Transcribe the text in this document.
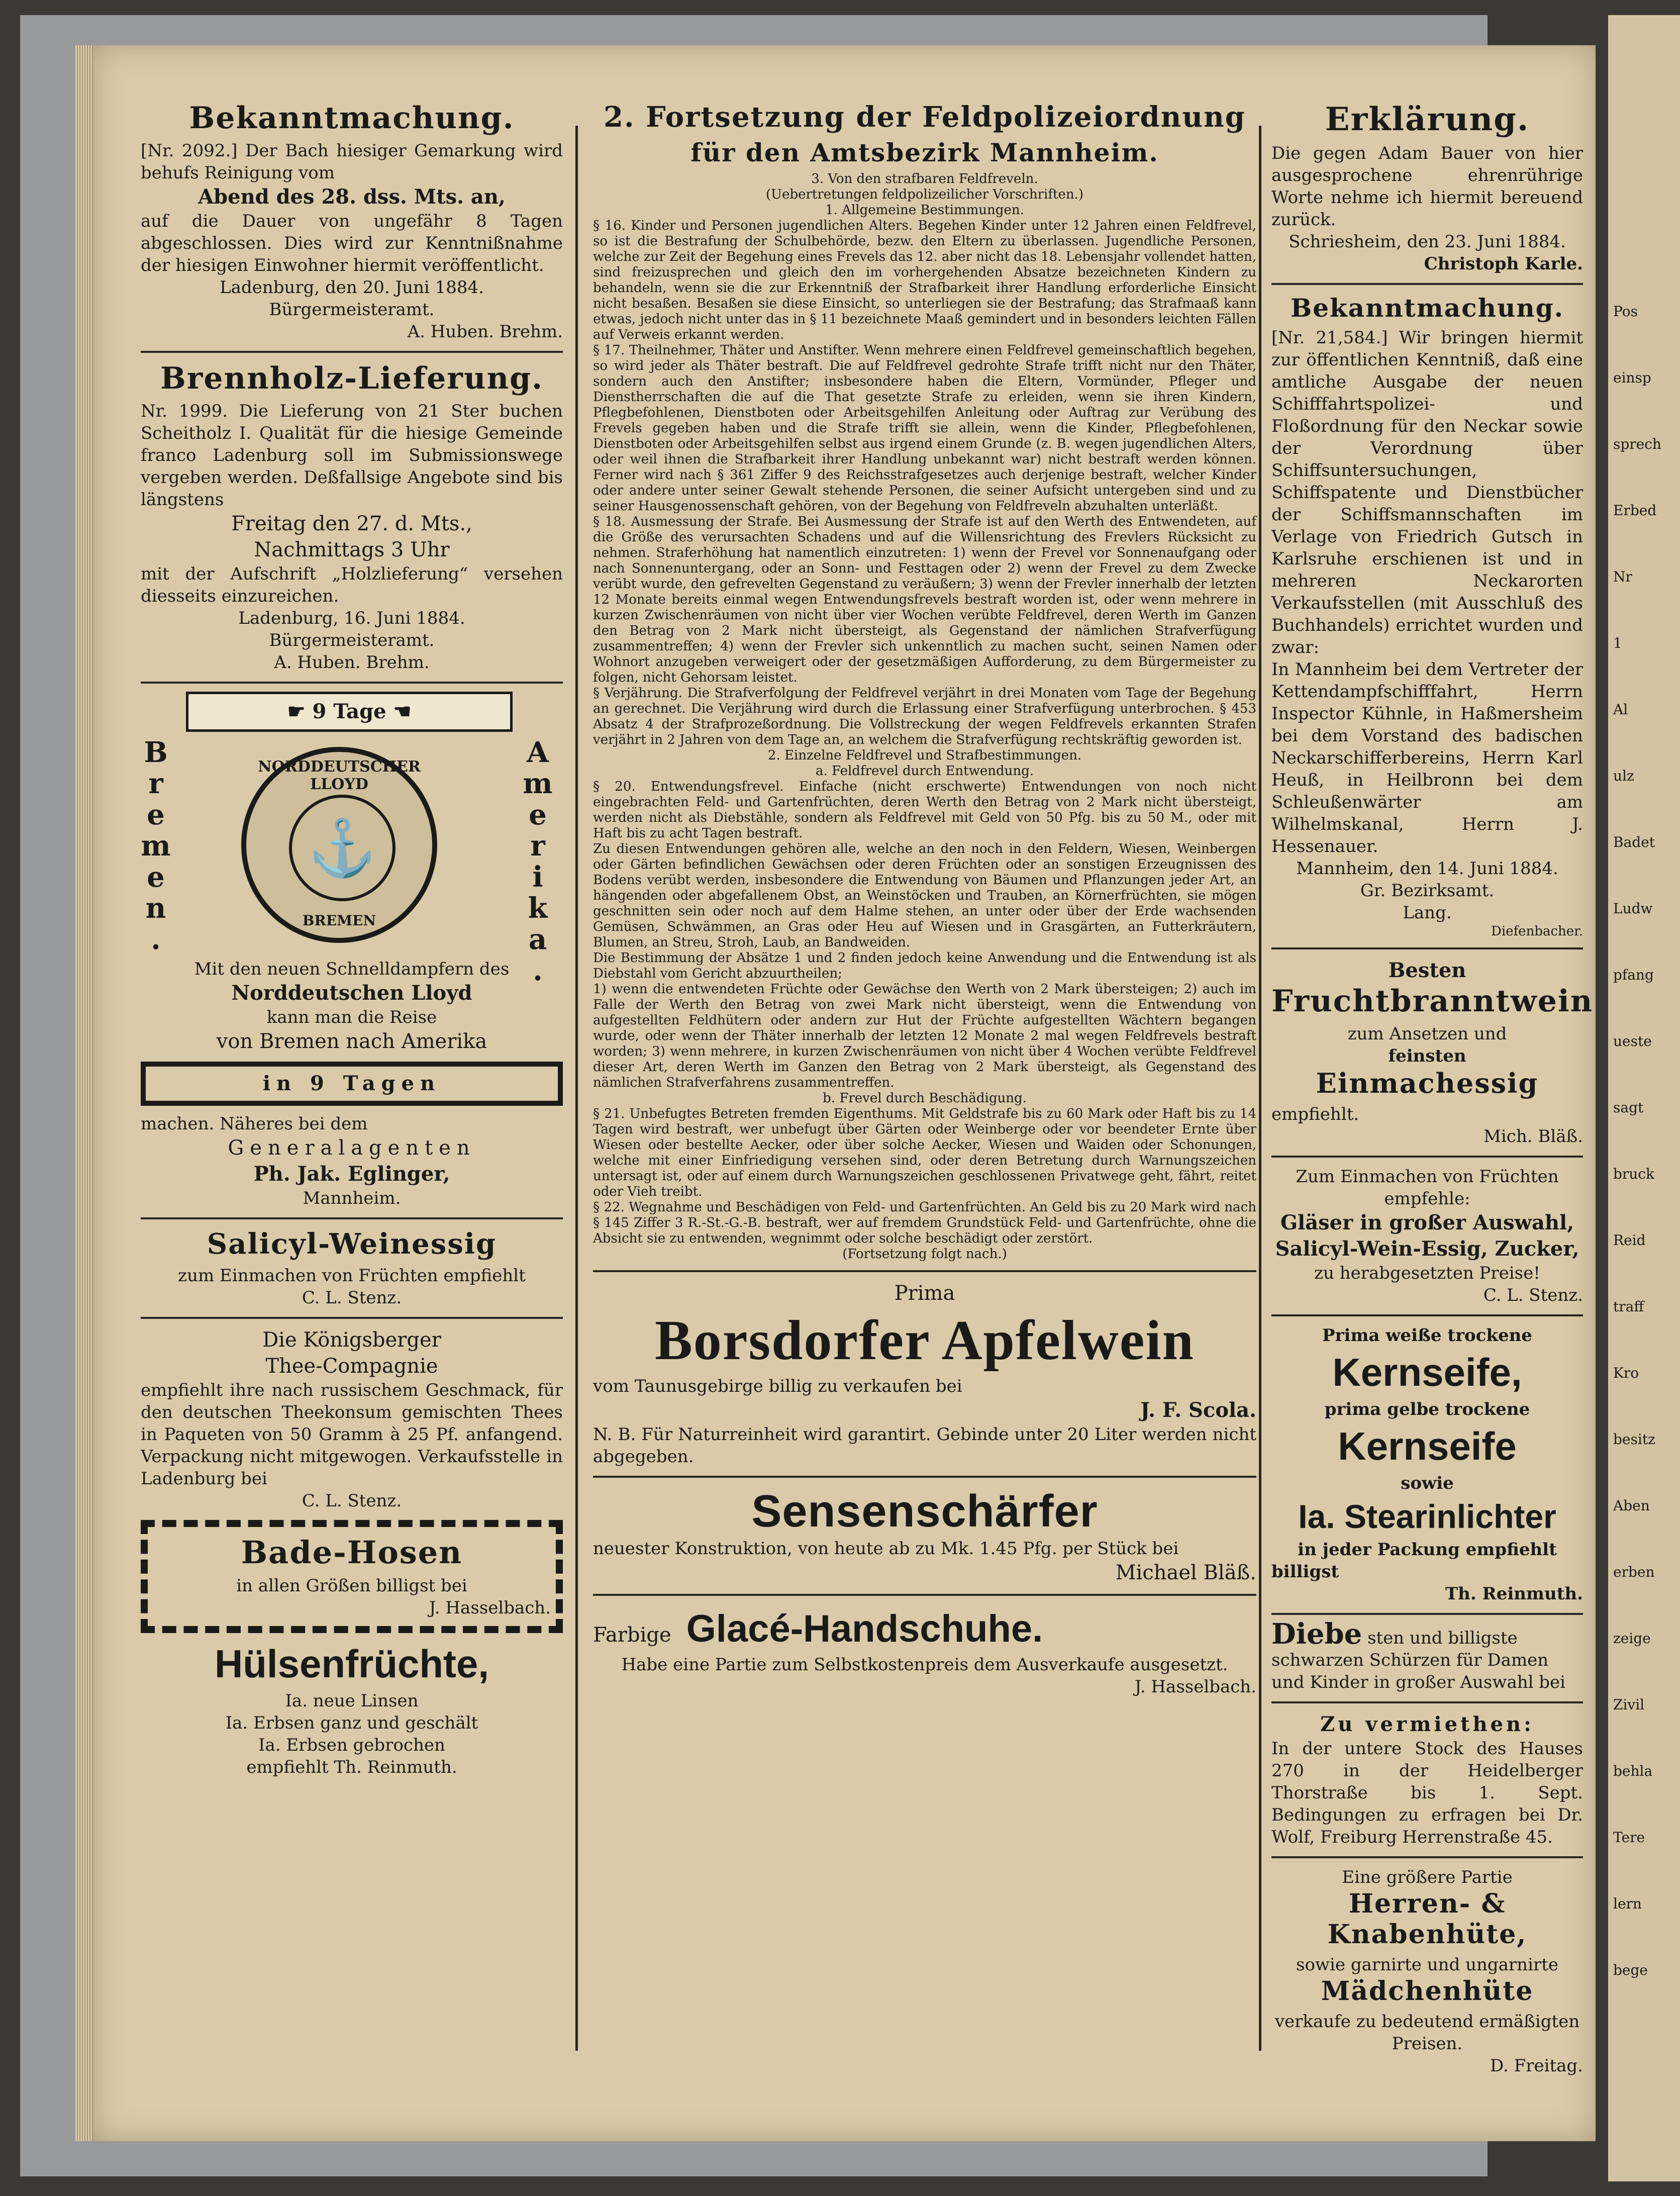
Pos
einsp
sprech
Erbed
Nr
1
Al
ulz
Badet
Ludw
pfang
ueste
sagt
bruck
Reid
traff
Kro
besitz
Aben
erben
zeige
Zivil
behla
Tere
lern
bege
Bekanntmachung.

[Nr. 2092.] Der Bach hiesiger Gemarkung wird behufs Reinigung vom

Abend des 28. dss. Mts. an,

auf die Dauer von ungefähr 8 Tagen abgeschlossen. Dies wird zur Kenntnißnahme der hiesigen Einwohner hiermit veröffentlicht.

Ladenburg, den 20. Juni 1884.

Bürgermeisteramt.

A. Huben. Brehm.

Brennholz-Lieferung.

Nr. 1999. Die Lieferung von 21 Ster buchen Scheitholz I. Qualität für die hiesige Gemeinde franco Ladenburg soll im Submissionswege vergeben werden. Deßfallsige Angebote sind bis längstens

Freitag den 27. d. Mts.,

Nachmittags 3 Uhr

mit der Aufschrift „Holzlieferung“ versehen diesseits einzureichen.

Ladenburg, 16. Juni 1884.

Bürgermeisteramt.

A. Huben. Brehm.

☛ 9 Tage ☚
B
r
e
m
e
n
.
A
m
e
r
i
k
a
.
NORDDEUTSCHER LLOYD
⚓
BREMEN

Mit den neuen Schnelldampfern des

Norddeutschen Lloyd

kann man die Reise

von Bremen nach Amerika

in 9 Tagen

machen. Näheres bei dem

Generalagenten

Ph. Jak. Eglinger,

Mannheim.

Salicyl-Weinessig

zum Einmachen von Früchten empfiehlt

C. L. Stenz.

Die Königsberger

Thee-Compagnie

empfiehlt ihre nach russischem Geschmack, für den deutschen Theekonsum gemischten Thees in Paqueten von 50 Gramm à 25 Pf. anfangend. Verpackung nicht mitgewogen. Verkaufsstelle in Ladenburg bei

C. L. Stenz.

Bade-Hosen

in allen Größen billigst bei

J. Hasselbach.

Hülsenfrüchte,

Ia. neue Linsen

Ia. Erbsen ganz und geschält

Ia. Erbsen gebrochen

empfiehlt Th. Reinmuth.

2. Fortsetzung der Feldpolizeiordnung
für den Amtsbezirk Mannheim.

3. Von den strafbaren Feldfreveln.

(Uebertretungen feldpolizeilicher Vorschriften.)

1. Allgemeine Bestimmungen.

§ 16. Kinder und Personen jugendlichen Alters. Begehen Kinder unter 12 Jahren einen Feldfrevel, so ist die Bestrafung der Schulbehörde, bezw. den Eltern zu überlassen. Jugendliche Personen, welche zur Zeit der Begehung eines Frevels das 12. aber nicht das 18. Lebensjahr vollendet hatten, sind freizusprechen und gleich den im vorhergehenden Absatze bezeichneten Kindern zu behandeln, wenn sie die zur Erkenntniß der Strafbarkeit ihrer Handlung erforderliche Einsicht nicht besaßen. Besaßen sie diese Einsicht, so unterliegen sie der Bestrafung; das Strafmaaß kann etwas, jedoch nicht unter das in § 11 bezeichnete Maaß gemindert und in besonders leichten Fällen auf Verweis erkannt werden.

§ 17. Theilnehmer, Thäter und Anstifter. Wenn mehrere einen Feldfrevel gemeinschaftlich begehen, so wird jeder als Thäter bestraft. Die auf Feldfrevel gedrohte Strafe trifft nicht nur den Thäter, sondern auch den Anstifter; insbesondere haben die Eltern, Vormünder, Pfleger und Dienstherrschaften die auf die That gesetzte Strafe zu erleiden, wenn sie ihren Kindern, Pflegbefohlenen, Dienstboten oder Arbeitsgehilfen Anleitung oder Auftrag zur Verübung des Frevels gegeben haben und die Strafe trifft sie allein, wenn die Kinder, Pflegbefohlenen, Dienstboten oder Arbeitsgehilfen selbst aus irgend einem Grunde (z. B. wegen jugendlichen Alters, oder weil ihnen die Strafbarkeit ihrer Handlung unbekannt war) nicht bestraft werden können. Ferner wird nach § 361 Ziffer 9 des Reichsstrafgesetzes auch derjenige bestraft, welcher Kinder oder andere unter seiner Gewalt stehende Personen, die seiner Aufsicht untergeben sind und zu seiner Hausgenossenschaft gehören, von der Begehung von Feldfreveln abzuhalten unterläßt.

§ 18. Ausmessung der Strafe. Bei Ausmessung der Strafe ist auf den Werth des Entwendeten, auf die Größe des verursachten Schadens und auf die Willensrichtung des Frevlers Rücksicht zu nehmen. Straferhöhung hat namentlich einzutreten: 1) wenn der Frevel vor Sonnenaufgang oder nach Sonnenuntergang, oder an Sonn- und Festtagen oder 2) wenn der Frevel zu dem Zwecke verübt wurde, den gefrevelten Gegenstand zu veräußern; 3) wenn der Frevler innerhalb der letzten 12 Monate bereits einmal wegen Entwendungsfrevels bestraft worden ist, oder wenn mehrere in kurzen Zwischenräumen von nicht über vier Wochen verübte Feldfrevel, deren Werth im Ganzen den Betrag von 2 Mark nicht übersteigt, als Gegenstand der nämlichen Strafverfügung zusammentreffen; 4) wenn der Frevler sich unkenntlich zu machen sucht, seinen Namen oder Wohnort anzugeben verweigert oder der gesetzmäßigen Aufforderung, zu dem Bürgermeister zu folgen, nicht Gehorsam leistet.

§ Verjährung. Die Strafverfolgung der Feldfrevel verjährt in drei Monaten vom Tage der Begehung an gerechnet. Die Verjährung wird durch die Erlassung einer Strafverfügung unterbrochen. § 453 Absatz 4 der Strafprozeßordnung. Die Vollstreckung der wegen Feldfrevels erkannten Strafen verjährt in 2 Jahren von dem Tage an, an welchem die Strafverfügung rechtskräftig geworden ist.

2. Einzelne Feldfrevel und Strafbestimmungen.

a. Feldfrevel durch Entwendung.

§ 20. Entwendungsfrevel. Einfache (nicht erschwerte) Entwendungen von noch nicht eingebrachten Feld- und Gartenfrüchten, deren Werth den Betrag von 2 Mark nicht übersteigt, werden nicht als Diebstähle, sondern als Feldfrevel mit Geld von 50 Pfg. bis zu 50 M., oder mit Haft bis zu acht Tagen bestraft.

Zu diesen Entwendungen gehören alle, welche an den noch in den Feldern, Wiesen, Weinbergen oder Gärten befindlichen Gewächsen oder deren Früchten oder an sonstigen Erzeugnissen des Bodens verübt werden, insbesondere die Entwendung von Bäumen und Pflanzungen jeder Art, an hängenden oder abgefallenem Obst, an Weinstöcken und Trauben, an Körnerfrüchten, sie mögen geschnitten sein oder noch auf dem Halme stehen, an unter oder über der Erde wachsenden Gemüsen, Schwämmen, an Gras oder Heu auf Wiesen und in Grasgärten, an Futterkräutern, Blumen, an Streu, Stroh, Laub, an Bandweiden.

Die Bestimmung der Absätze 1 und 2 finden jedoch keine Anwendung und die Entwendung ist als Diebstahl vom Gericht abzuurtheilen;

1) wenn die entwendeten Früchte oder Gewächse den Werth von 2 Mark übersteigen; 2) auch im Falle der Werth den Betrag von zwei Mark nicht übersteigt, wenn die Entwendung von aufgestellten Feldhütern oder andern zur Hut der Früchte aufgestellten Wächtern begangen wurde, oder wenn der Thäter innerhalb der letzten 12 Monate 2 mal wegen Feldfrevels bestraft worden; 3) wenn mehrere, in kurzen Zwischenräumen von nicht über 4 Wochen verübte Feldfrevel dieser Art, deren Werth im Ganzen den Betrag von 2 Mark übersteigt, als Gegenstand des nämlichen Strafverfahrens zusammentreffen.

b. Frevel durch Beschädigung.

§ 21. Unbefugtes Betreten fremden Eigenthums. Mit Geldstrafe bis zu 60 Mark oder Haft bis zu 14 Tagen wird bestraft, wer unbefugt über Gärten oder Weinberge oder vor beendeter Ernte über Wiesen oder bestellte Aecker, oder über solche Aecker, Wiesen und Waiden oder Schonungen, welche mit einer Einfriedigung versehen sind, oder deren Betretung durch Warnungszeichen untersagt ist, oder auf einem durch Warnungszeichen geschlossenen Privatwege geht, fährt, reitet oder Vieh treibt.

§ 22. Wegnahme und Beschädigen von Feld- und Gartenfrüchten. An Geld bis zu 20 Mark wird nach § 145 Ziffer 3 R.-St.-G.-B. bestraft, wer auf fremdem Grundstück Feld- und Gartenfrüchte, ohne die Absicht sie zu entwenden, wegnimmt oder solche beschädigt oder zerstört.

(Fortsetzung folgt nach.)

Prima

Borsdorfer Apfelwein

vom Taunusgebirge billig zu verkaufen bei

J. F. Scola.

N. B. Für Naturreinheit wird garantirt. Gebinde unter 20 Liter werden nicht abgegeben.

Sensenschärfer

neuester Konstruktion, von heute ab zu Mk. 1.45 Pfg. per Stück bei

Michael Bläß.

Farbige Glacé-Handschuhe.

Habe eine Partie zum Selbstkostenpreis dem Ausverkaufe ausgesetzt.

J. Hasselbach.

Erklärung.

Die gegen Adam Bauer von hier ausgesprochene ehrenrührige Worte nehme ich hiermit bereuend zurück.

Schriesheim, den 23. Juni 1884.

Christoph Karle.

Bekanntmachung.

[Nr. 21,584.] Wir bringen hiermit zur öffentlichen Kenntniß, daß eine amtliche Ausgabe der neuen Schifffahrtspolizei- und Floßordnung für den Neckar sowie der Verordnung über Schiffsuntersuchungen, Schiffspatente und Dienstbücher der Schiffsmannschaften im Verlage von Friedrich Gutsch in Karlsruhe erschienen ist und in mehreren Neckarorten Verkaufsstellen (mit Ausschluß des Buchhandels) errichtet wurden und zwar:

In Mannheim bei dem Vertreter der Kettendampfschifffahrt, Herrn Inspector Kühnle, in Haßmersheim bei dem Vorstand des badischen Neckarschifferbereins, Herrn Karl Heuß, in Heilbronn bei dem Schleußenwärter am Wilhelmskanal, Herrn J. Hessenauer.

Mannheim, den 14. Juni 1884.

Gr. Bezirksamt.

Lang.

Diefenbacher.

Besten

Fruchtbranntwein

zum Ansetzen und

feinsten

Einmachessig

empfiehlt.

Mich. Bläß.

Zum Einmachen von Früchten

empfehle:

Gläser in großer Auswahl,

Salicyl-Wein-Essig, Zucker,

zu herabgesetzten Preise!

C. L. Stenz.

Prima weiße trockene

Kernseife,

prima gelbe trockene

Kernseife

sowie

Ia. Stearinlichter

in jeder Packung empfiehlt

billigst

Th. Reinmuth.

Diebe sten und billigste schwarzen Schürzen für Damen und Kinder in großer Auswahl bei

Zu vermiethen:

In der untere Stock des Hauses 270 in der Heidelberger Thorstraße bis 1. Sept. Bedingungen zu erfragen bei Dr. Wolf, Freiburg Herrenstraße 45.

Eine größere Partie

Herren- & Knabenhüte,

sowie garnirte und ungarnirte

Mädchenhüte

verkaufe zu bedeutend ermäßigten Preisen.

D. Freitag.
